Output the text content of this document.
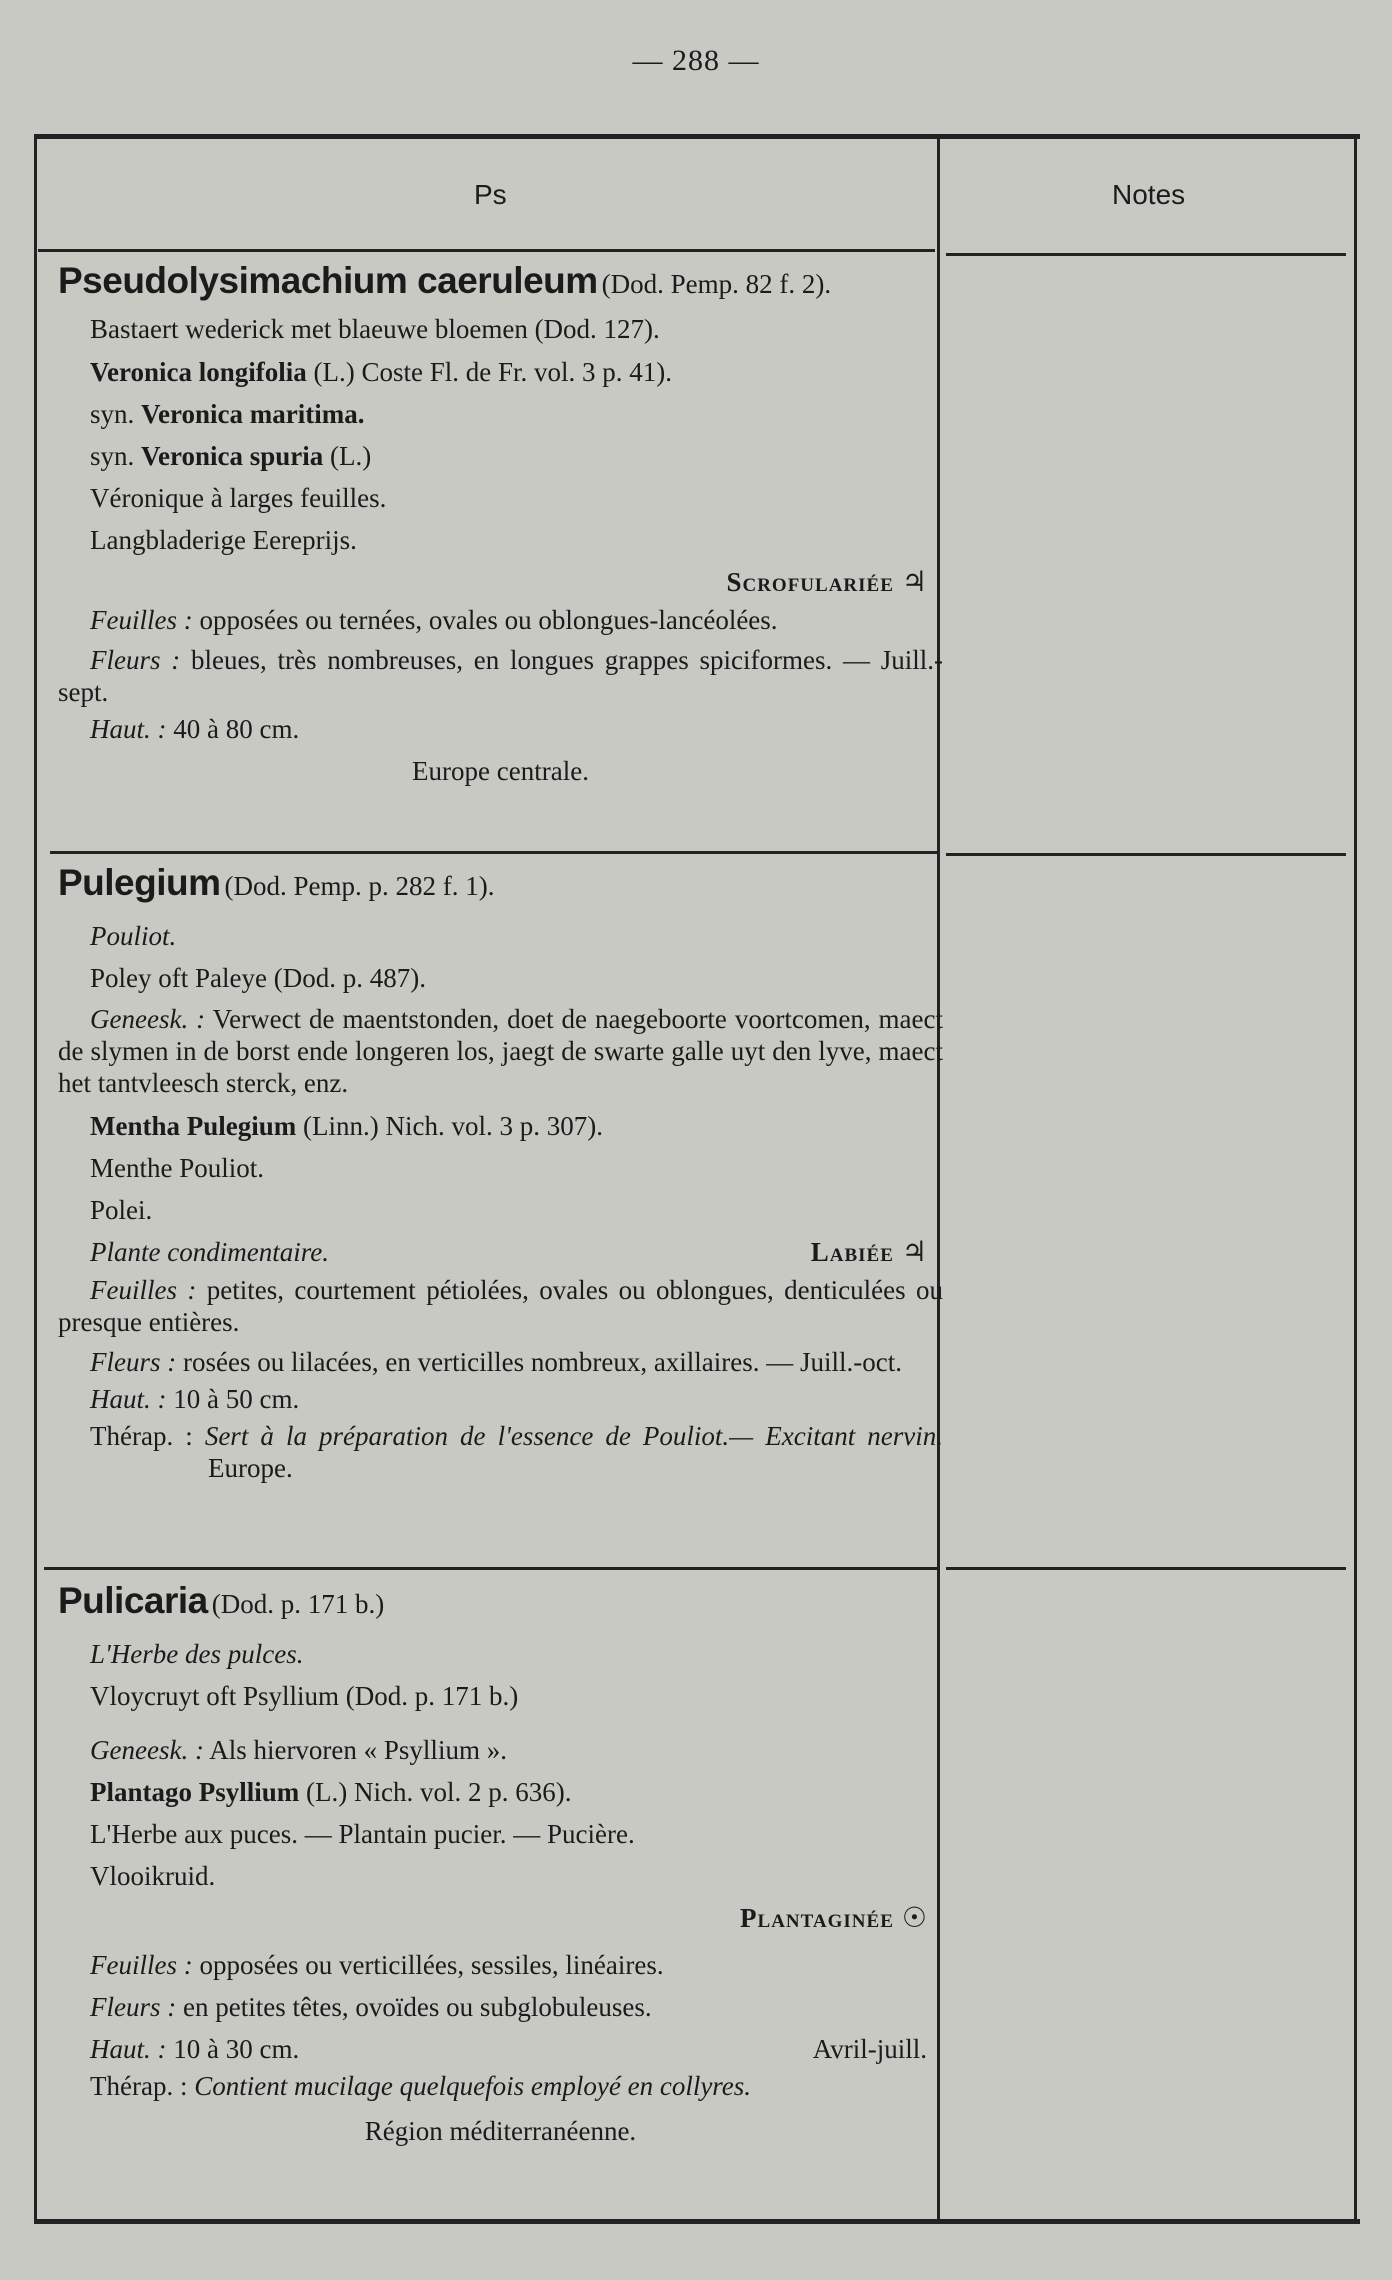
— 288 —
Ps	Notes
Pseudolysimachium caeruleum (Dod. Pemp. 82 f. 2).
Bastaert wederick met blaeuwe bloemen (Dod. 127).
Veronica longifolia (L.) Coste Fl. de Fr. vol. 3 p. 41).
syn. Veronica maritima.
syn. Veronica spuria (L.)
Véronique à larges feuilles.
Langbladerige Eereprijs.
Scrofulariée ♃
Feuilles : opposées ou ternées, ovales ou oblongues-lancéolées.
Fleurs : bleues, très nombreuses, en longues grappes spiciformes. — Juill.-sept.
Haut. : 40 à 80 cm.
Europe centrale.
Pulegium (Dod. Pemp. p. 282 f. 1).
Pouliot.
Poley oft Paleye (Dod. p. 487).
Geneesk. : Verwect de maentstonden, doet de naegeboorte voortcomen, maect de slymen in de borst ende longeren los, jaegt de swarte galle uyt den lyve, maect het tantvleesch sterck, enz.
Mentha Pulegium (Linn.) Nich. vol. 3 p. 307).
Menthe Pouliot.
Polei.
Plante condimentaire.	Labiée ♃
Feuilles : petites, courtement pétiolées, ovales ou oblongues, denticulées ou presque entières.
Fleurs : rosées ou lilacées, en verticilles nombreux, axillaires. — Juill.-oct.
Haut. : 10 à 50 cm.
Thérap. : Sert à la préparation de l'essence de Pouliot.— Excitant nervin. Europe.
Pulicaria (Dod. p. 171 b.)
L'Herbe des pulces.
Vloycruyt oft Psyllium (Dod. p. 171 b.)
Geneesk. : Als hiervoren « Psyllium ».
Plantago Psyllium (L.) Nich. vol. 2 p. 636).
L'Herbe aux puces. — Plantain pucier. — Pucière.
Vlooikruid.
Plantaginée ☉
Feuilles : opposées ou verticillées, sessiles, linéaires.
Fleurs : en petites têtes, ovoïdes ou subglobuleuses.
Haut. : 10 à 30 cm.	Avril-juill.
Thérap. : Contient mucilage quelquefois employé en collyres.
Région méditerranéenne.
